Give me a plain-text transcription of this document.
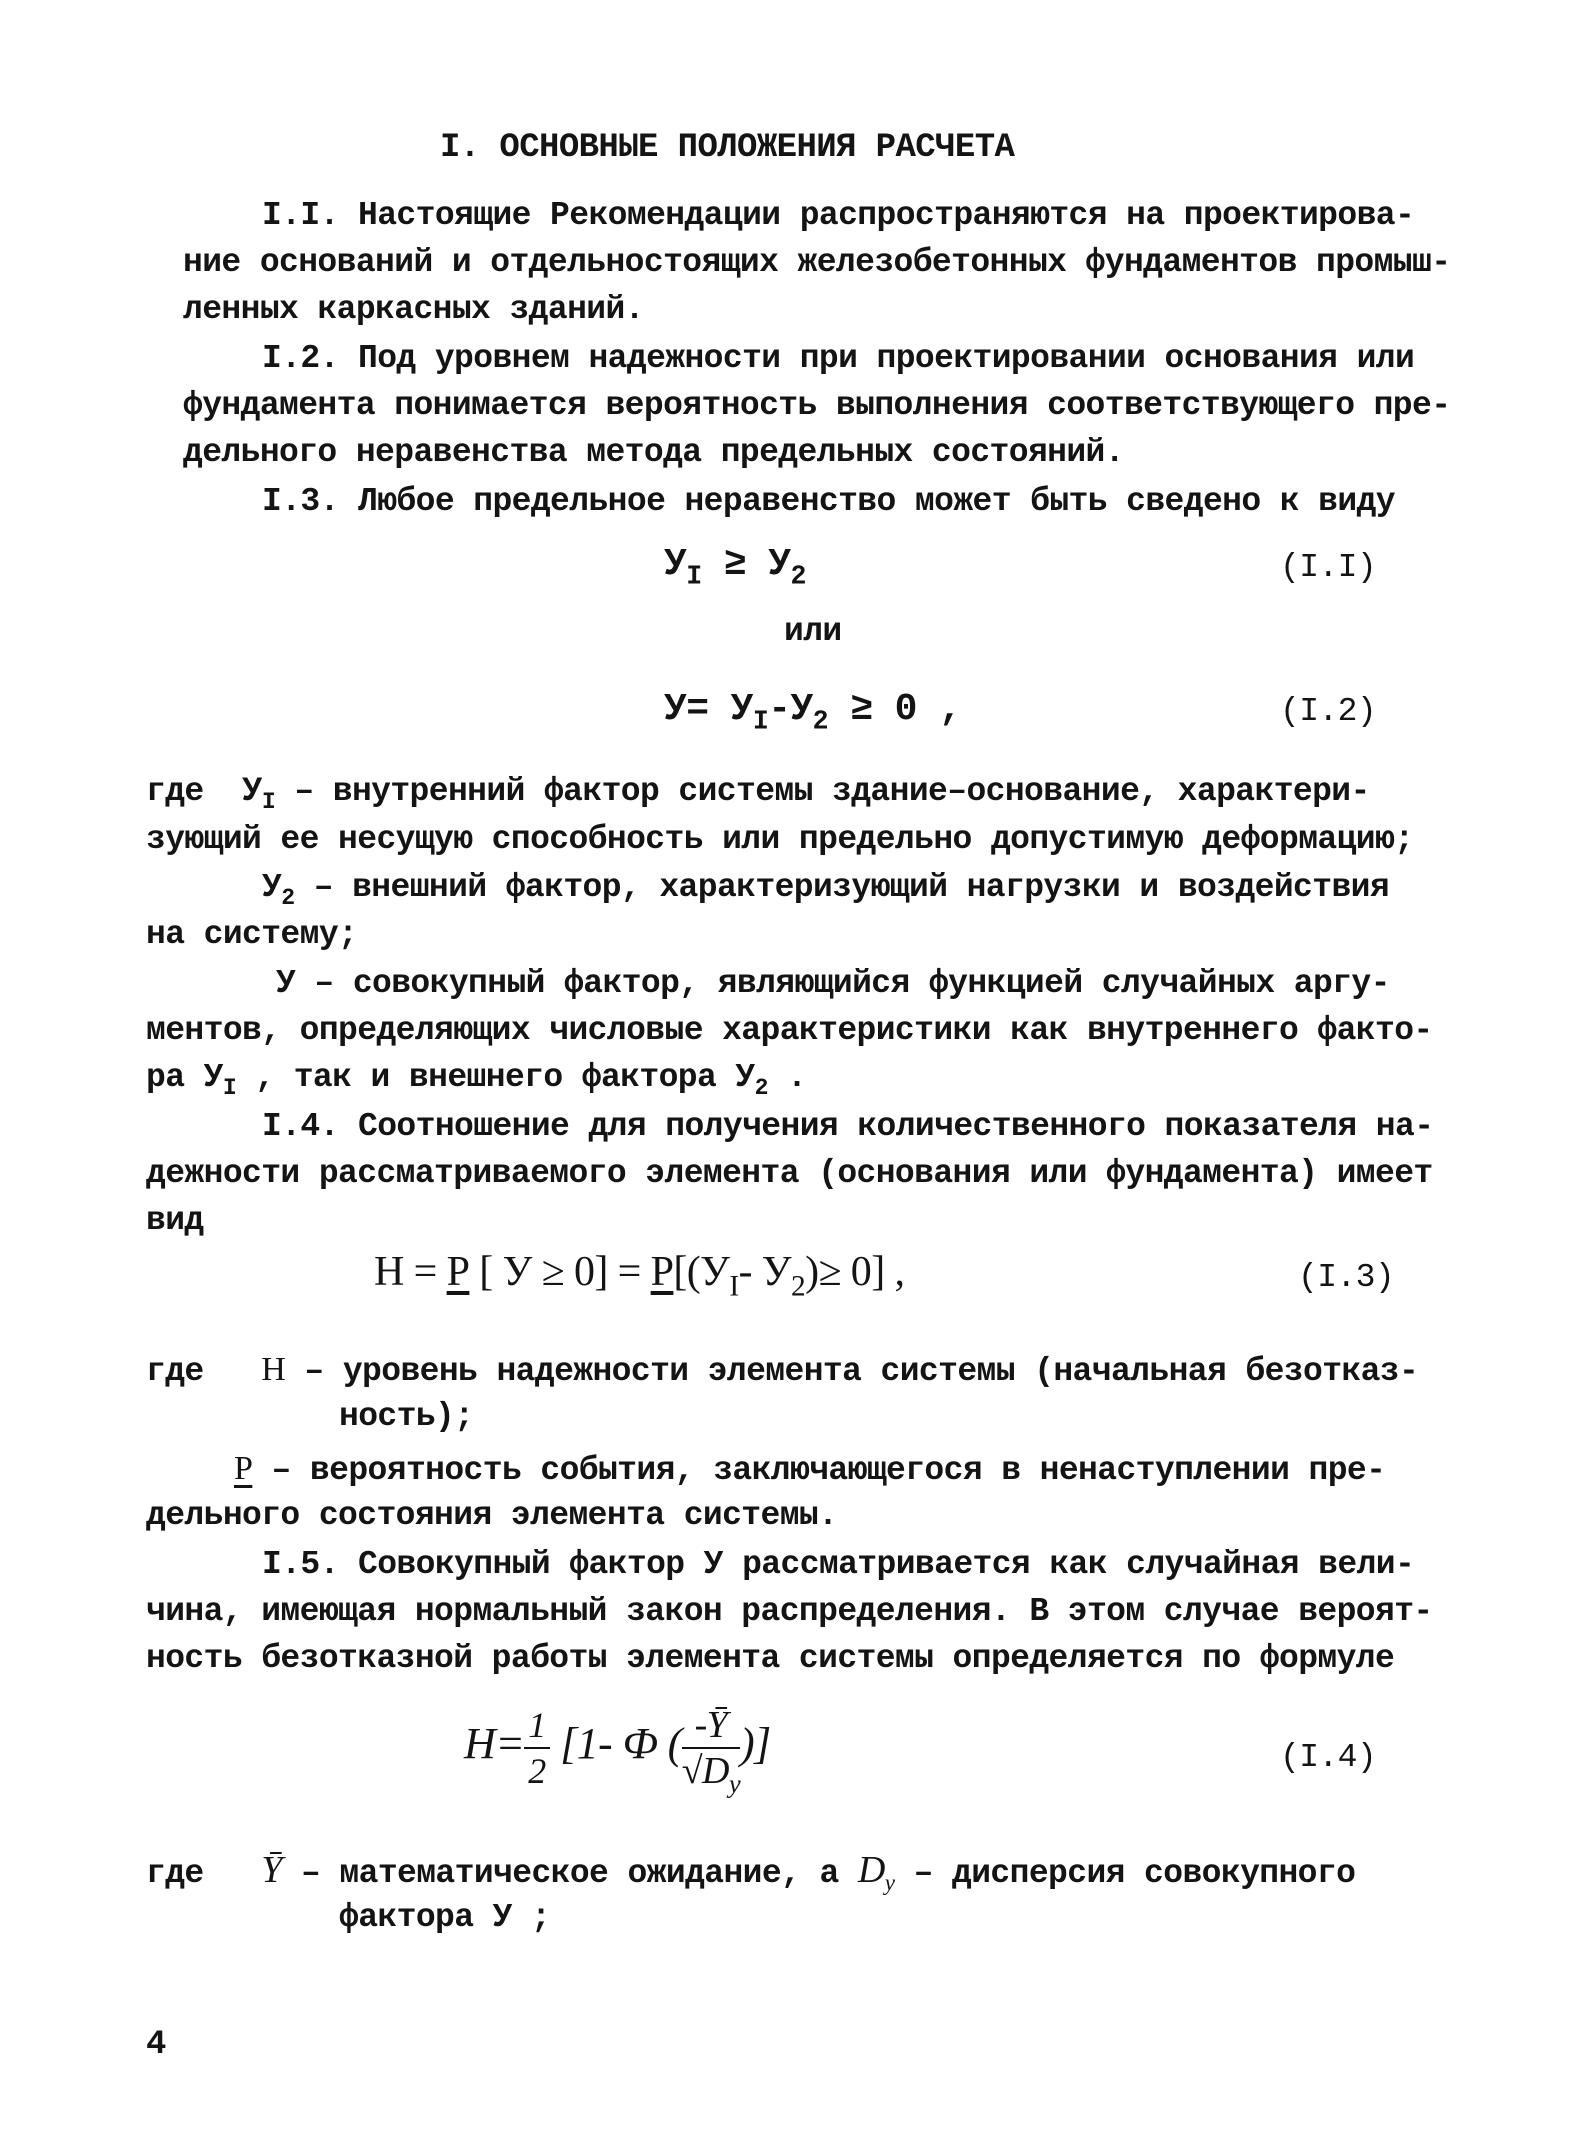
I. ОСНОВНЫЕ ПОЛОЖЕНИЯ РАСЧЕТА
I.I. Настоящие Рекомендации распространяются на проектирова-
ние оснований и отдельностоящих железобетонных фундаментов промыш-
ленных каркасных зданий.
I.2. Под уровнем надежности при проектировании основания или
фундамента понимается вероятность выполнения соответствующего пре-
дельного неравенства метода предельных состояний.
I.3. Любое предельное неравенство может быть сведено к виду
$У_I \ge У_2$	(I.I)
или
$У= У_I-У_2 \ge 0$ ,	(I.2)
где $У_I$ – внутренний фактор системы здание–основание, характери-
зующий ее несущую способность или предельно допустимую деформацию;
$У_2$ – внешний фактор, характеризующий нагрузки и воздействия
на систему;
У – совокупный фактор, являющийся функцией случайных аргу-
ментов, определяющих числовые характеристики как внутреннего факто-
ра $У_I$ , так и внешнего фактора $У_2$ .
I.4. Соотношение для получения количественного показателя на-
дежности рассматриваемого элемента (основания или фундамента) имеет
вид
Н = Р [ $У \ge 0] = Р[(У_I-$ $У_2)\ge 0$] ,	(I.3)
где Н – уровень надежности элемента системы (начальная безотказ-
ность);
Р – вероятность события, заключающегося в ненаступлении пре-
дельного состояния элемента системы.
I.5. Совокупный фактор У рассматривается как случайная вели-
чина, имеющая нормальный закон распределения. В этом случае вероят-
ность безотказной работы элемента системы определяется по формуле
$H= \frac{1}{2} [1-$ Ф ( $\frac{-Ȳ}{√D_y}$ )]	(I.4)
где Ȳ – математическое ожидание, а $D_y$ – дисперсия совокупного
фактора У ;
4
